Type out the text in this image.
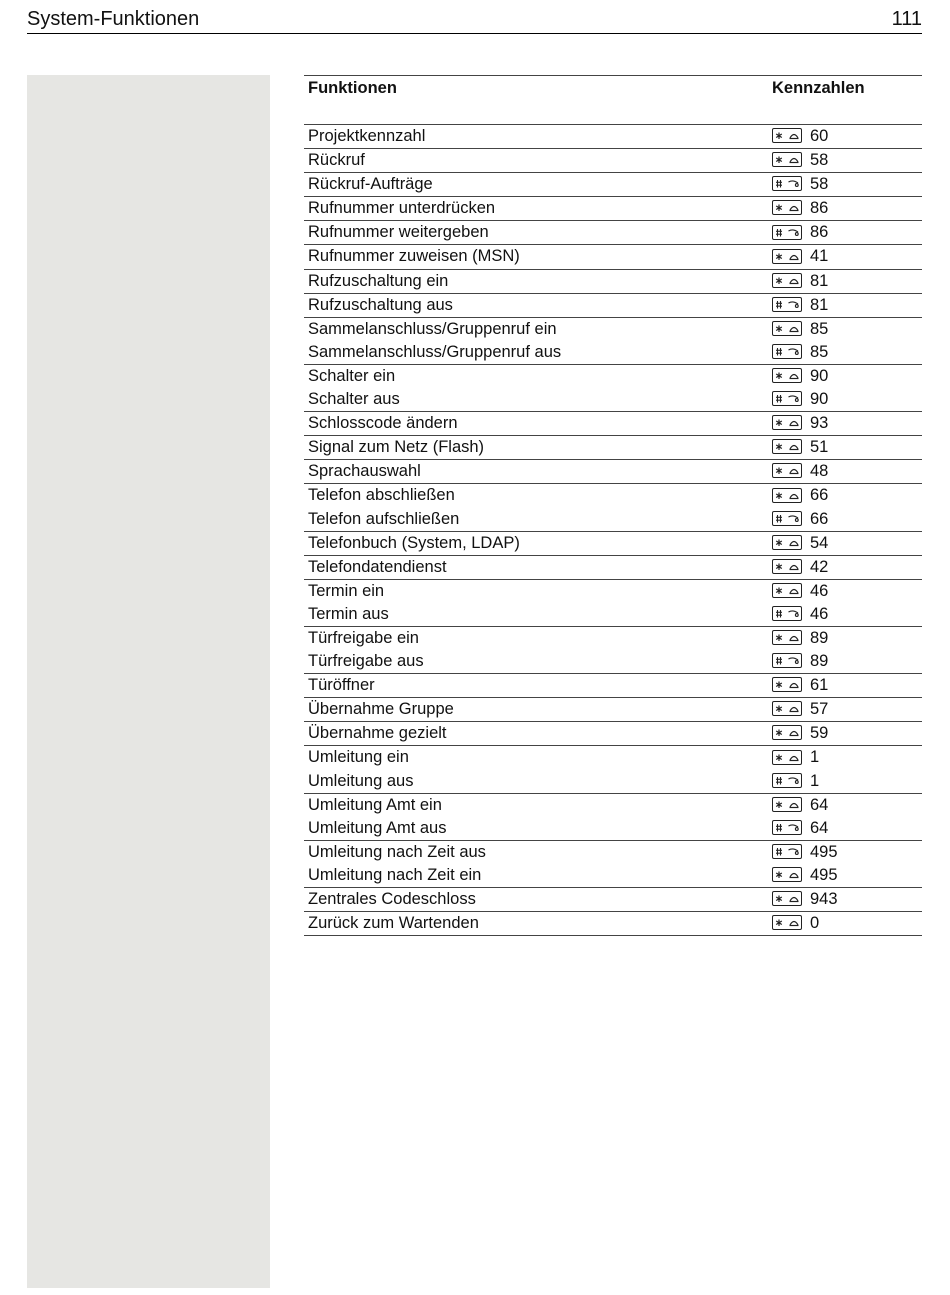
System-Funktionen	111
Funktionen	Kennzahlen
Projektkennzahl	60
Rückruf	58
Rückruf-Aufträge	58
Rufnummer unterdrücken	86
Rufnummer weitergeben	86
Rufnummer zuweisen (MSN)	41
Rufzuschaltung ein	81
Rufzuschaltung aus	81
Sammelanschluss/Gruppenruf ein	85
Sammelanschluss/Gruppenruf aus	85
Schalter ein	90
Schalter aus	90
Schlosscode ändern	93
Signal zum Netz (Flash)	51
Sprachauswahl	48
Telefon abschließen	66
Telefon aufschließen	66
Telefonbuch (System, LDAP)	54
Telefondatendienst	42
Termin ein	46
Termin aus	46
Türfreigabe ein	89
Türfreigabe aus	89
Türöffner	61
Übernahme Gruppe	57
Übernahme gezielt	59
Umleitung ein	1
Umleitung aus	1
Umleitung Amt ein	64
Umleitung Amt aus	64
Umleitung nach Zeit aus	495
Umleitung nach Zeit ein	495
Zentrales Codeschloss	943
Zurück zum Wartenden	0
